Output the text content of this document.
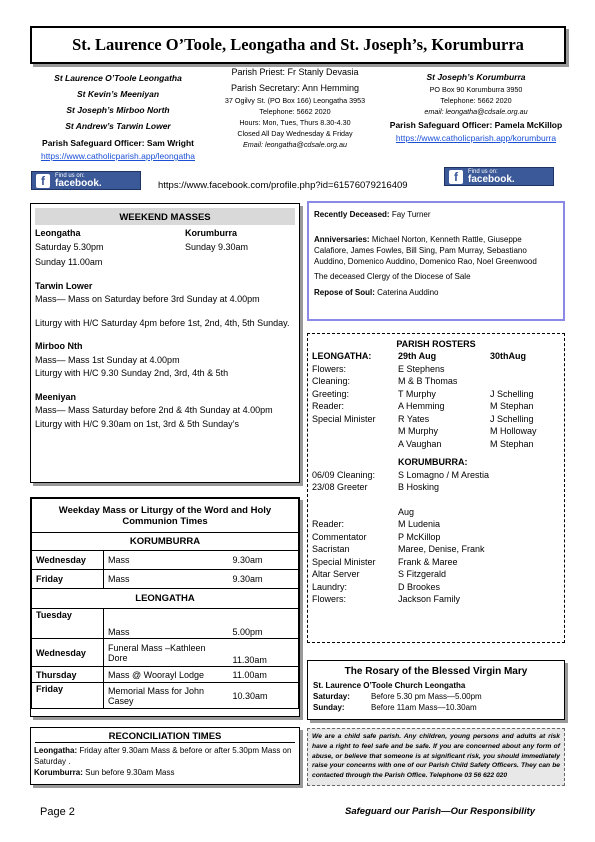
St. Laurence O’Toole, Leongatha and St. Joseph’s, Korumburra
St Laurence O’Toole Leongatha
St Kevin’s Meeniyan
St Joseph’s Mirboo North
St Andrew’s Tarwin Lower
Parish Safeguard Officer: Sam Wright
https://www.catholicparish.app/leongatha
Parish Priest: Fr Stanly Devasia
Parish Secretary: Ann Hemming
37 Ogilvy St. (PO Box 166) Leongatha 3953
Telephone: 5662 2020
Hours: Mon, Tues, Thurs 8.30-4.30
Closed All Day Wednesday & Friday
Email: leongatha@cdsale.org.au
St Joseph’s Korumburra
PO Box 90 Korumburra 3950
Telephone: 5662 2020
email: leongatha@cdsale.org.au
Parish Safeguard Officer: Pamela McKillop
https://www.catholicparish.app/korumburra
f	Find us on:
facebook.	https://www.facebook.com/profile.php?id=61576079216409
f	Find us on:
facebook.
WEEKEND MASSES
Leongatha	Korumburra
Saturday 5.30pm	Sunday 9.30am
Sunday 11.00am
Tarwin Lower
Mass— Mass on Saturday before 3rd Sunday at 4.00pm
Liturgy with H/C Saturday 4pm before 1st, 2nd, 4th, 5th Sunday.
Mirboo Nth
Mass— Mass 1st Sunday at 4.00pm
Liturgy with H/C 9.30 Sunday 2nd, 3rd, 4th & 5th
Meeniyan
Mass— Mass Saturday before 2nd & 4th Sunday at 4.00pm
Liturgy with H/C 9.30am on 1st, 3rd & 5th Sunday’s
Weekday Mass or Liturgy of the Word and Holy Communion Times		
KORUMBURRA		
Wednesday	Mass	9.30am
Friday	Mass	9.30am
LEONGATHA		
Tuesday	Mass	5.00pm
Wednesday	Funeral Mass –Kathleen Dore	11.30am
Thursday	Mass @ Woorayl Lodge	11.00am
Friday	Memorial Mass for John Casey	10.30am
RECONCILIATION TIMES
Leongatha: Friday after 9.30am Mass & before or after 5.30pm Mass on Saturday .
Korumburra: Sun before 9.30am Mass
Recently Deceased: Fay Turner
Anniversaries: Michael Norton, Kenneth Rattle, Giuseppe Calafiore, James Fowles, Bill Sing, Pam Murray, Sebastiano Auddino, Domenico Auddino, Domenico Rao, Noel Greenwood
The deceased Clergy of the Diocese of Sale
Repose of Soul: Caterina Auddino
PARISH ROSTERS
LEONGATHA:	29th Aug	30thAug
Flowers:	E Stephens
Cleaning:	M & B Thomas
Greeting:	T Murphy	J Schelling
Reader:	A Hemming	M Stephan
Special Minister	R Yates	J Schelling
M Murphy	M Holloway
A Vaughan	M Stephan
KORUMBURRA:
06/09 Cleaning:	S Lomagno / M Arestia
23/08 Greeter	B Hosking
Aug
Reader:	M Ludenia
Commentator	P McKillop
Sacristan	Maree, Denise, Frank
Special Minister	Frank & Maree
Altar Server	S Fitzgerald
Laundry:	D Brookes
Flowers:	Jackson Family
The Rosary of the Blessed Virgin Mary
St. Laurence O’Toole Church Leongatha
Saturday:	Before 5.30 pm Mass—5.00pm
Sunday:	Before 11am Mass—10.30am
We are a child safe parish. Any children, young persons and adults at risk have a right to feel safe and be safe. If you are concerned about any form of abuse, or believe that someone is at significant risk, you should immediately raise your concerns with one of our Parish Child Safety Officers. They can be contacted through the Parish Office. Telephone 03 56 622 020
Page 2	Safeguard our Parish—Our Responsibility
